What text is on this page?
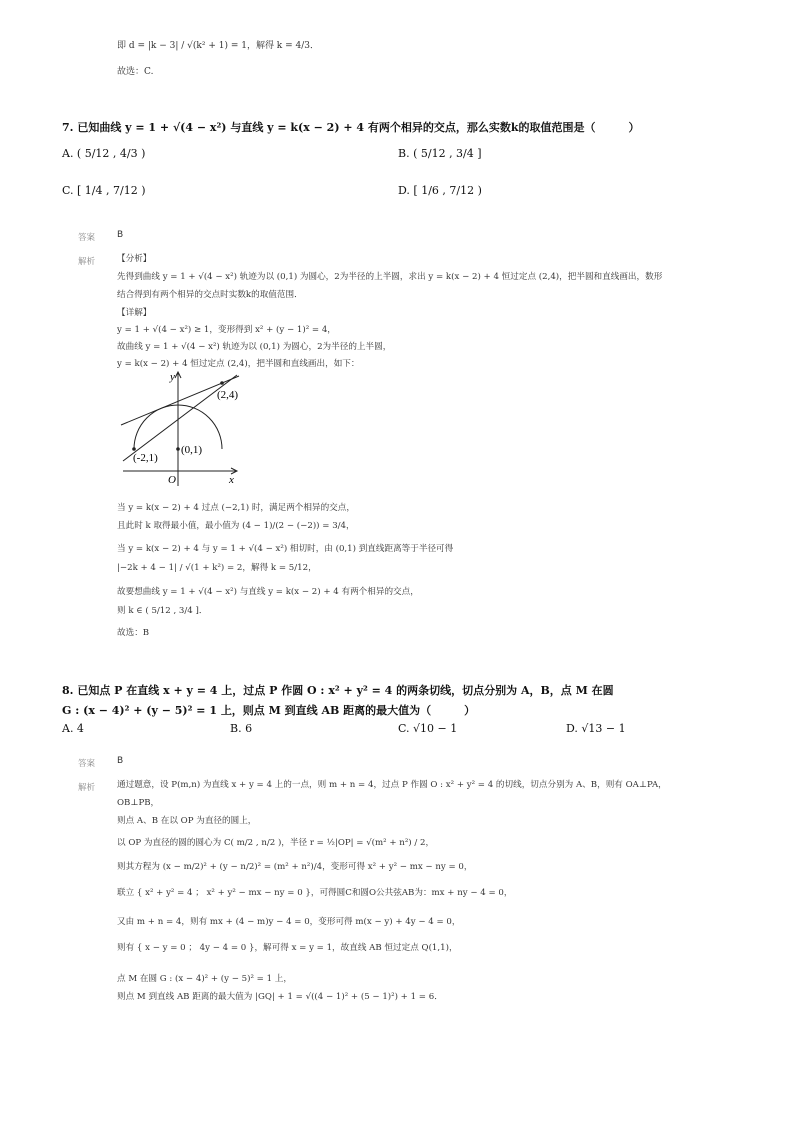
即 d = |k − 3| / √(k² + 1) = 1，解得 k = 4/3．
故选：C.
7. 已知曲线 y = 1 + √(4 − x²) 与直线 y = k(x − 2) + 4 有两个相异的交点，那么实数k的取值范围是（　　　）
A. ( 5/12 , 4/3 )	B. ( 5/12 , 3/4 ]
C. [ 1/4 , 7/12 )	D. [ 1/6 , 7/12 )
答案 B
解析	【分析】
先得到曲线 y = 1 + √(4 − x²) 轨迹为以 (0,1) 为圆心，2为半径的上半圆，求出 y = k(x − 2) + 4 恒过定点 (2,4)，把半圆和直线画出，数形
结合得到有两个相异的交点时实数k的取值范围．
【详解】
y = 1 + √(4 − x²) ≥ 1，变形得到 x² + (y − 1)² = 4，
故曲线 y = 1 + √(4 − x²) 轨迹为以 (0,1) 为圆心，2为半径的上半圆，
y = k(x − 2) + 4 恒过定点 (2,4)，把半圆和直线画出，如下：
y
x
O
(0,1)
(-2,1)
(2,4)
当 y = k(x − 2) + 4 过点 (−2,1) 时，满足两个相异的交点，
且此时 k 取得最小值，最小值为 (4 − 1)/(2 − (−2)) = 3/4，
当 y = k(x − 2) + 4 与 y = 1 + √(4 − x²) 相切时，由 (0,1) 到直线距离等于半径可得
|−2k + 4 − 1| / √(1 + k²) = 2，解得 k = 5/12，
故要想曲线 y = 1 + √(4 − x²) 与直线 y = k(x − 2) + 4 有两个相异的交点，
则 k ∈ ( 5/12 , 3/4 ]．
故选：B
8. 已知点 P 在直线 x + y = 4 上，过点 P 作圆 O : x² + y² = 4 的两条切线，切点分别为 A，B，点 M 在圆
G : (x − 4)² + (y − 5)² = 1 上，则点 M 到直线 AB 距离的最大值为（　　　）
A. 4	B. 6	C. √10 − 1	D. √13 − 1
答案 B
解析	通过题意，设 P(m,n) 为直线 x + y = 4 上的一点，则 m + n = 4，过点 P 作圆 O : x² + y² = 4 的切线，切点分别为 A、B，则有 OA⊥PA，
OB⊥PB，
则点 A、B 在以 OP 为直径的圆上，
以 OP 为直径的圆的圆心为 C( m/2 , n/2 )，半径 r = ½|OP| = √(m² + n²) / 2，
则其方程为 (x − m/2)² + (y − n/2)² = (m² + n²)/4，变形可得 x² + y² − mx − ny = 0，
联立 { x² + y² = 4 ； x² + y² − mx − ny = 0 }，可得圆C和圆O公共弦AB为：mx + ny − 4 = 0，
又由 m + n = 4，则有 mx + (4 − m)y − 4 = 0，变形可得 m(x − y) + 4y − 4 = 0，
则有 { x − y = 0 ； 4y − 4 = 0 }，解可得 x = y = 1，故直线 AB 恒过定点 Q(1,1)，
点 M 在圆 G : (x − 4)² + (y − 5)² = 1 上，
则点 M 到直线 AB 距离的最大值为 |GQ| + 1 = √((4 − 1)² + (5 − 1)²) + 1 = 6．
